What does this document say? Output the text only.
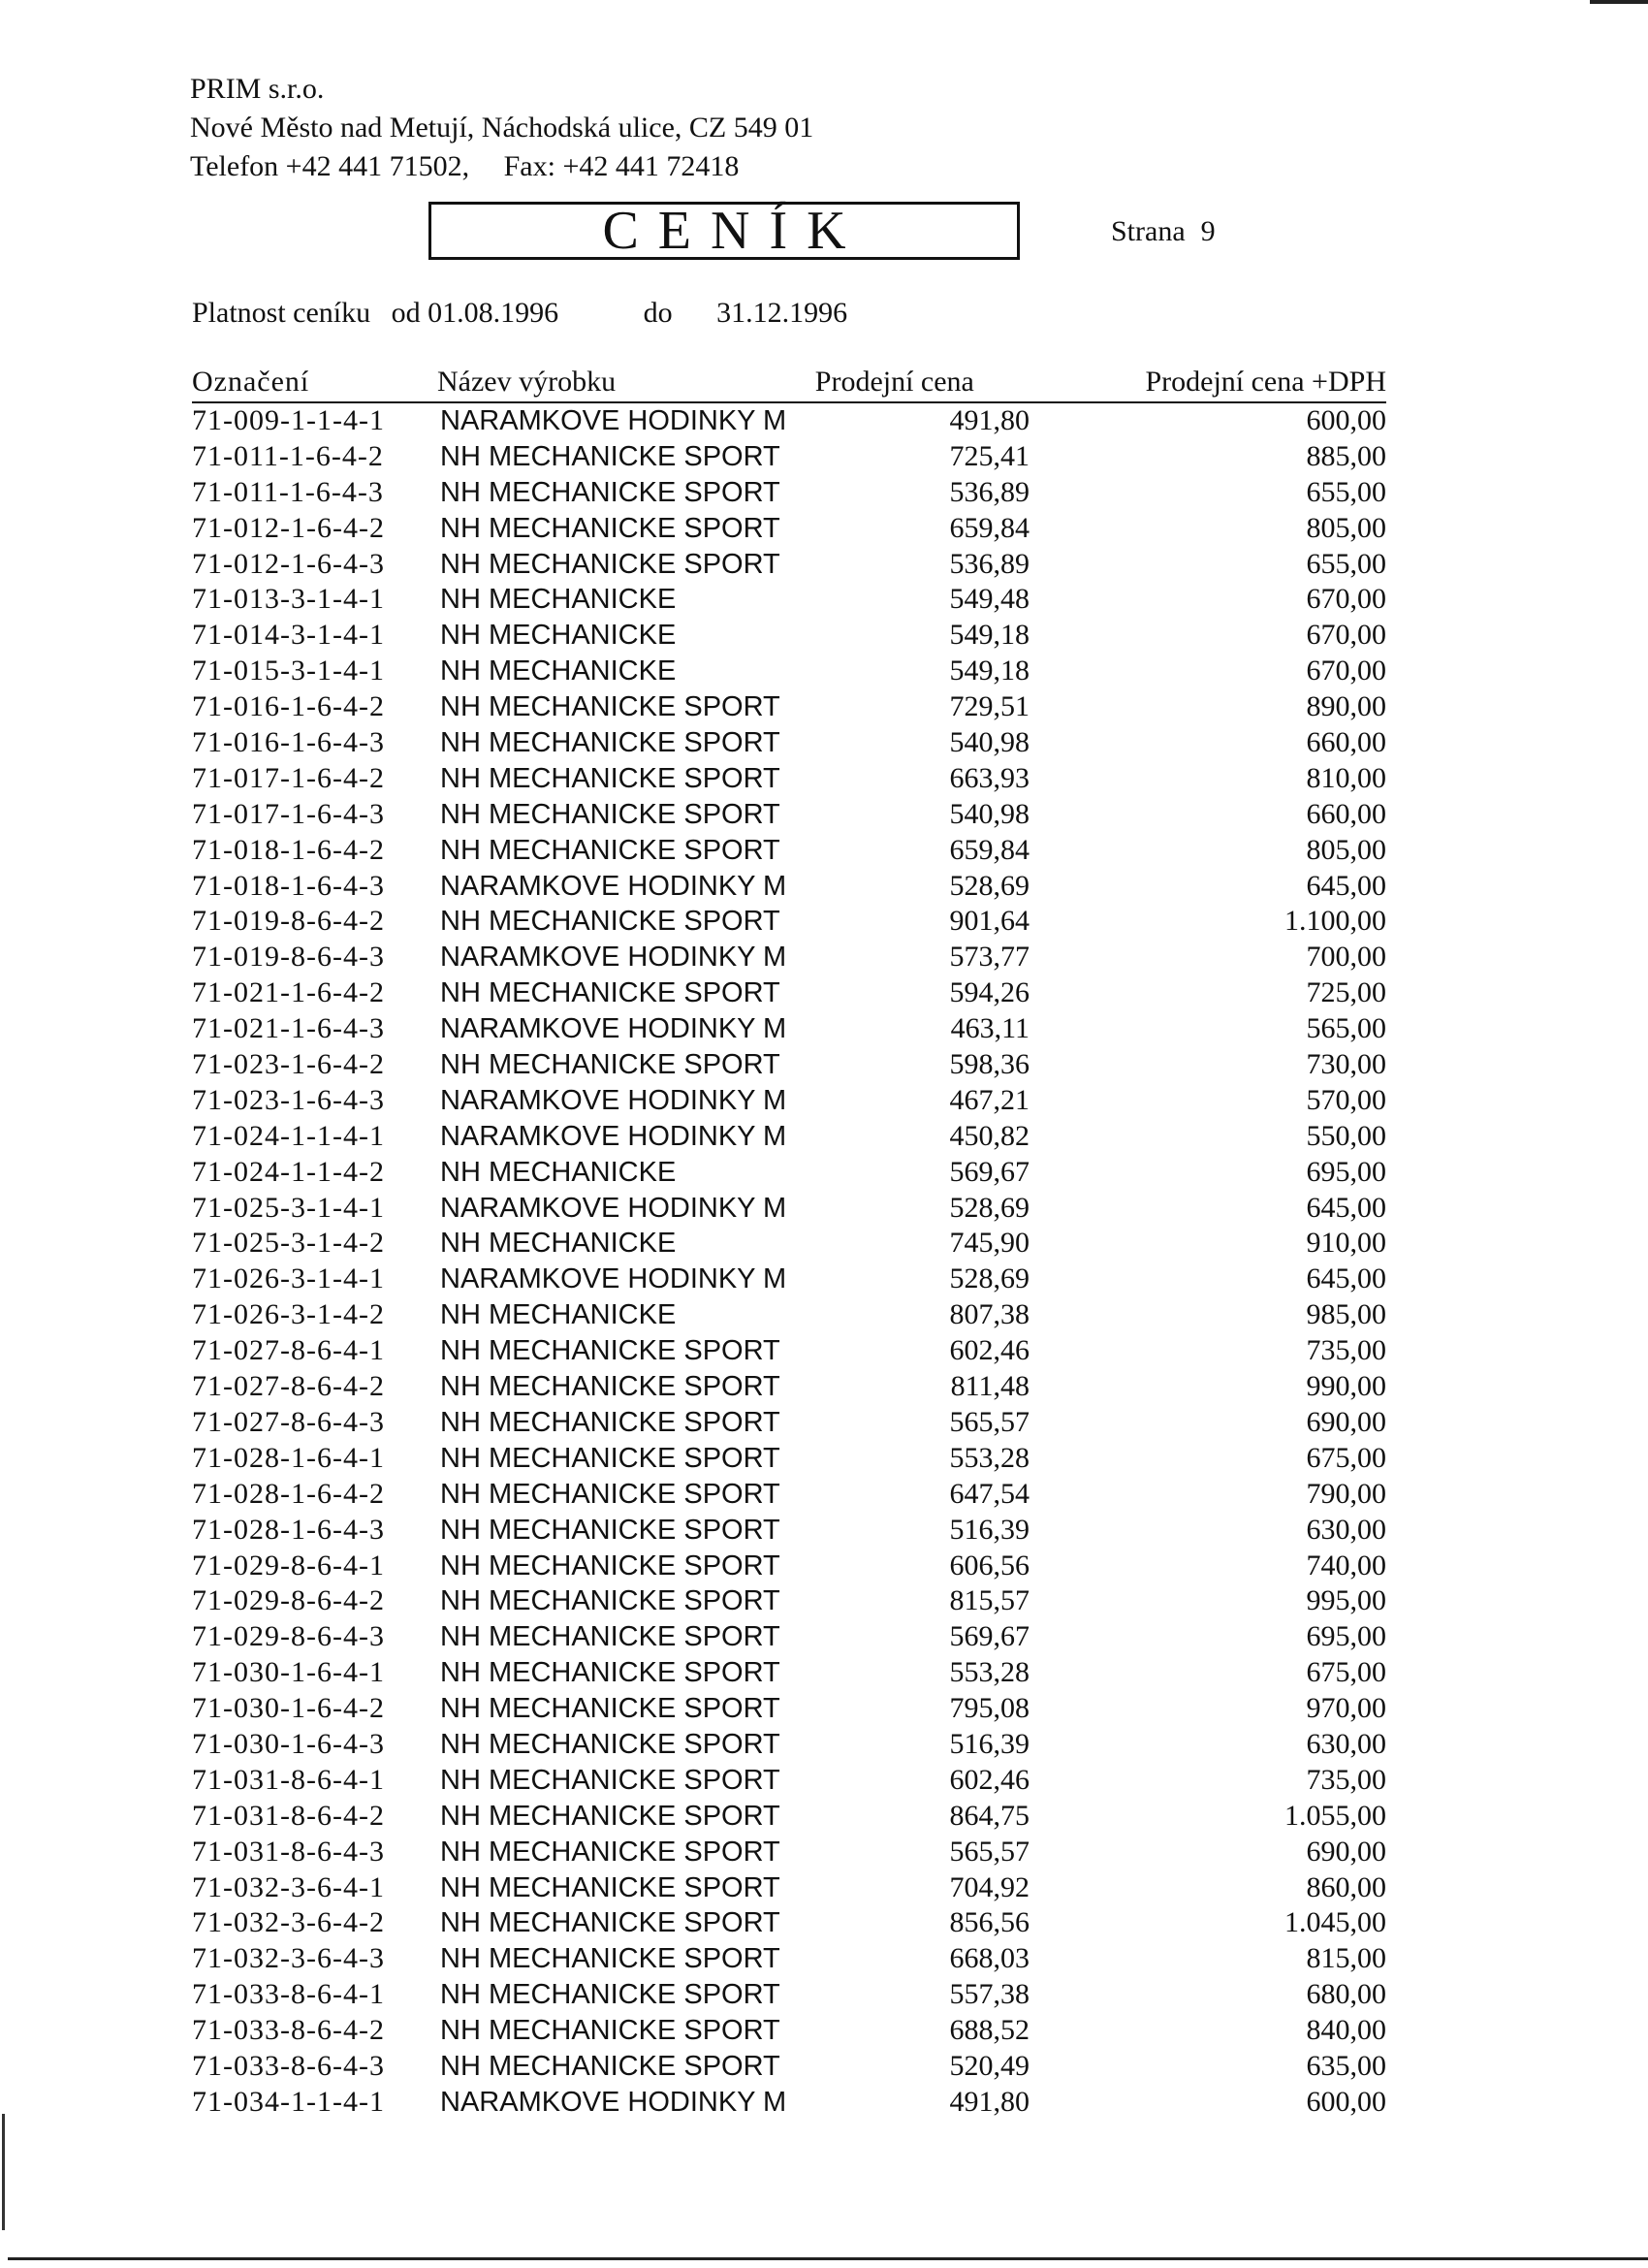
PRIM s.r.o.
Nové Město nad Metují, Náchodská ulice, CZ 549 01
Telefon +42 441 71502, Fax: +42 441 72418
CENÍK	Strana 9
Platnost ceníku od 01.08.1996	do 31.12.1996
Označení	Název výrobku	Prodejní cena	Prodejní cena +DPH
71-009-1-1-4-1	NARAMKOVE HODINKY M	491,80	600,00
71-011-1-6-4-2	NH MECHANICKE SPORT	725,41	885,00
71-011-1-6-4-3	NH MECHANICKE SPORT	536,89	655,00
71-012-1-6-4-2	NH MECHANICKE SPORT	659,84	805,00
71-012-1-6-4-3	NH MECHANICKE SPORT	536,89	655,00
71-013-3-1-4-1	NH MECHANICKE	549,48	670,00
71-014-3-1-4-1	NH MECHANICKE	549,18	670,00
71-015-3-1-4-1	NH MECHANICKE	549,18	670,00
71-016-1-6-4-2	NH MECHANICKE SPORT	729,51	890,00
71-016-1-6-4-3	NH MECHANICKE SPORT	540,98	660,00
71-017-1-6-4-2	NH MECHANICKE SPORT	663,93	810,00
71-017-1-6-4-3	NH MECHANICKE SPORT	540,98	660,00
71-018-1-6-4-2	NH MECHANICKE SPORT	659,84	805,00
71-018-1-6-4-3	NARAMKOVE HODINKY M	528,69	645,00
71-019-8-6-4-2	NH MECHANICKE SPORT	901,64	1.100,00
71-019-8-6-4-3	NARAMKOVE HODINKY M	573,77	700,00
71-021-1-6-4-2	NH MECHANICKE SPORT	594,26	725,00
71-021-1-6-4-3	NARAMKOVE HODINKY M	463,11	565,00
71-023-1-6-4-2	NH MECHANICKE SPORT	598,36	730,00
71-023-1-6-4-3	NARAMKOVE HODINKY M	467,21	570,00
71-024-1-1-4-1	NARAMKOVE HODINKY M	450,82	550,00
71-024-1-1-4-2	NH MECHANICKE	569,67	695,00
71-025-3-1-4-1	NARAMKOVE HODINKY M	528,69	645,00
71-025-3-1-4-2	NH MECHANICKE	745,90	910,00
71-026-3-1-4-1	NARAMKOVE HODINKY M	528,69	645,00
71-026-3-1-4-2	NH MECHANICKE	807,38	985,00
71-027-8-6-4-1	NH MECHANICKE SPORT	602,46	735,00
71-027-8-6-4-2	NH MECHANICKE SPORT	811,48	990,00
71-027-8-6-4-3	NH MECHANICKE SPORT	565,57	690,00
71-028-1-6-4-1	NH MECHANICKE SPORT	553,28	675,00
71-028-1-6-4-2	NH MECHANICKE SPORT	647,54	790,00
71-028-1-6-4-3	NH MECHANICKE SPORT	516,39	630,00
71-029-8-6-4-1	NH MECHANICKE SPORT	606,56	740,00
71-029-8-6-4-2	NH MECHANICKE SPORT	815,57	995,00
71-029-8-6-4-3	NH MECHANICKE SPORT	569,67	695,00
71-030-1-6-4-1	NH MECHANICKE SPORT	553,28	675,00
71-030-1-6-4-2	NH MECHANICKE SPORT	795,08	970,00
71-030-1-6-4-3	NH MECHANICKE SPORT	516,39	630,00
71-031-8-6-4-1	NH MECHANICKE SPORT	602,46	735,00
71-031-8-6-4-2	NH MECHANICKE SPORT	864,75	1.055,00
71-031-8-6-4-3	NH MECHANICKE SPORT	565,57	690,00
71-032-3-6-4-1	NH MECHANICKE SPORT	704,92	860,00
71-032-3-6-4-2	NH MECHANICKE SPORT	856,56	1.045,00
71-032-3-6-4-3	NH MECHANICKE SPORT	668,03	815,00
71-033-8-6-4-1	NH MECHANICKE SPORT	557,38	680,00
71-033-8-6-4-2	NH MECHANICKE SPORT	688,52	840,00
71-033-8-6-4-3	NH MECHANICKE SPORT	520,49	635,00
71-034-1-1-4-1	NARAMKOVE HODINKY M	491,80	600,00
